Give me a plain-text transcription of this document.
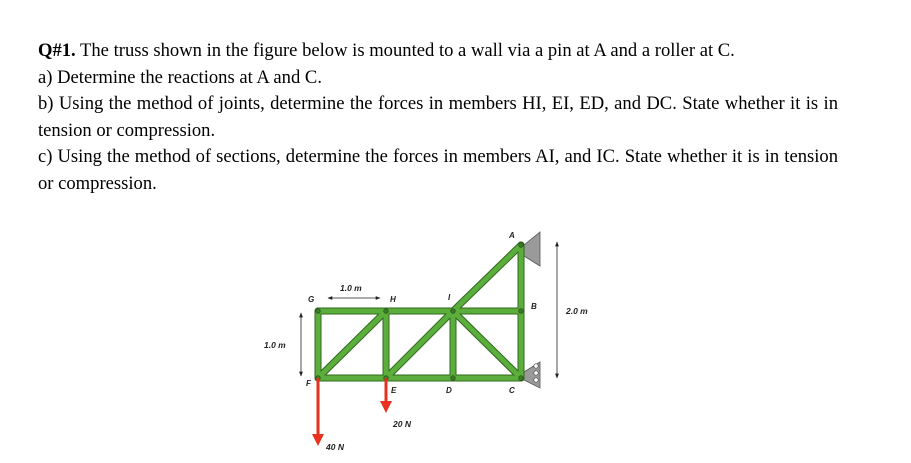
Q#1. The truss shown in the figure below is mounted to a wall via a pin at A and a roller at C.

a) Determine the reactions at A and C.

b) Using the method of joints, determine the forces in members HI, EI, ED, and DC. State whether it is in tension or compression.

c) Using the method of sections, determine the forces in members AI, and IC. State whether it is in tension or compression.

1.0 m
1.0 m
2.0 m
40 N
20 N
A
B
C
D
E
F
G	H	I
